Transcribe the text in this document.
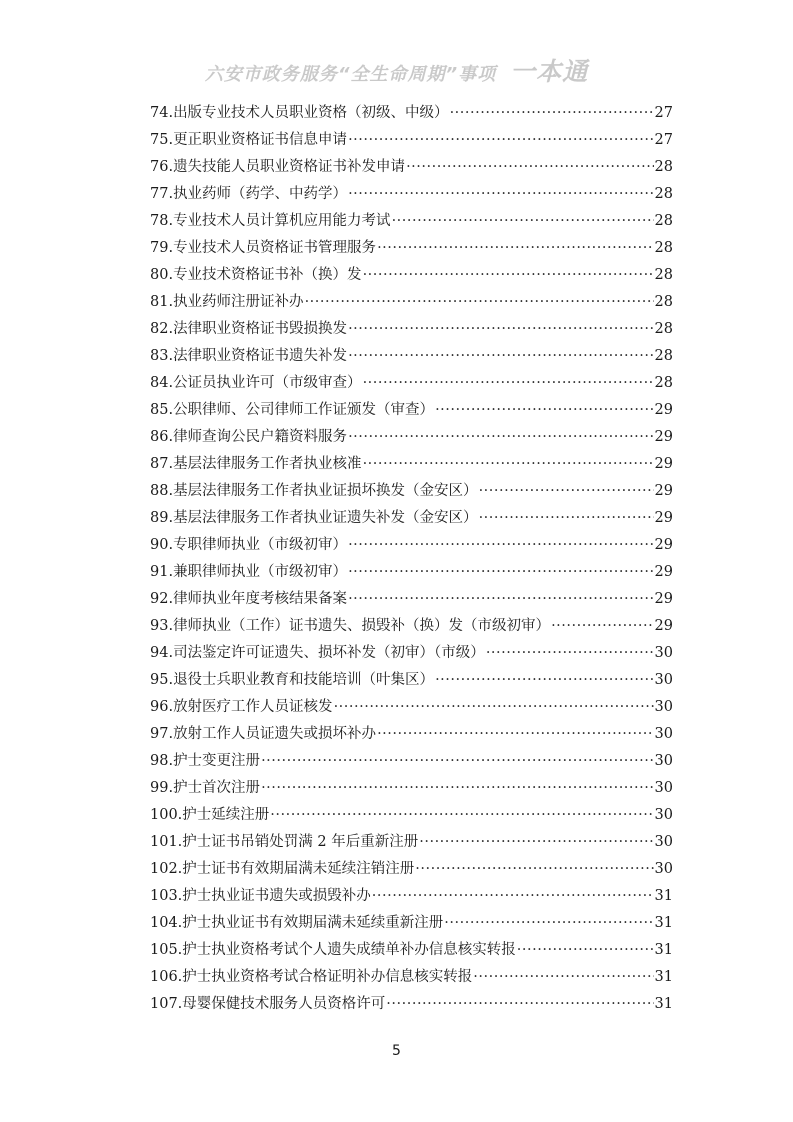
六安市政务服务“全生命周期”事项 一本通
74. 出版专业技术人员职业资格（初级、中级） ·····	27
75. 更正职业资格证书信息申请 ·····	27
76. 遗失技能人员职业资格证书补发申请 ·····	28
77. 执业药师（药学、中药学） ·····	28
78. 专业技术人员计算机应用能力考试 ·····	28
79. 专业技术人员资格证书管理服务 ·····	28
80. 专业技术资格证书补（换）发 ·····	28
81. 执业药师注册证补办 ·····	28
82. 法律职业资格证书毁损换发 ·····	28
83. 法律职业资格证书遗失补发 ·····	28
84. 公证员执业许可（市级审查） ·····	28
85. 公职律师、公司律师工作证颁发（审查） ·····	29
86. 律师查询公民户籍资料服务 ·····	29
87. 基层法律服务工作者执业核准 ·····	29
88. 基层法律服务工作者执业证损坏换发（金安区） ·····	29
89. 基层法律服务工作者执业证遗失补发（金安区） ·····	29
90. 专职律师执业（市级初审） ·····	29
91. 兼职律师执业（市级初审） ·····	29
92. 律师执业年度考核结果备案 ·····	29
93. 律师执业（工作）证书遗失、损毁补（换）发（市级初审） ·····	29
94. 司法鉴定许可证遗失、损坏补发（初审）（市级） ·····	30
95. 退役士兵职业教育和技能培训（叶集区） ·····	30
96. 放射医疗工作人员证核发 ·····	30
97. 放射工作人员证遗失或损坏补办 ·····	30
98. 护士变更注册 ·····	30
99. 护士首次注册 ·····	30
100. 护士延续注册 ·····	30
101. 护士证书吊销处罚满 2 年后重新注册 ·····	30
102. 护士证书有效期届满未延续注销注册 ·····	30
103. 护士执业证书遗失或损毁补办 ·····	31
104. 护士执业证书有效期届满未延续重新注册 ·····	31
105. 护士执业资格考试个人遗失成绩单补办信息核实转报 ·····	31
106. 护士执业资格考试合格证明补办信息核实转报 ·····	31
107. 母婴保健技术服务人员资格许可 ·····	31
5
